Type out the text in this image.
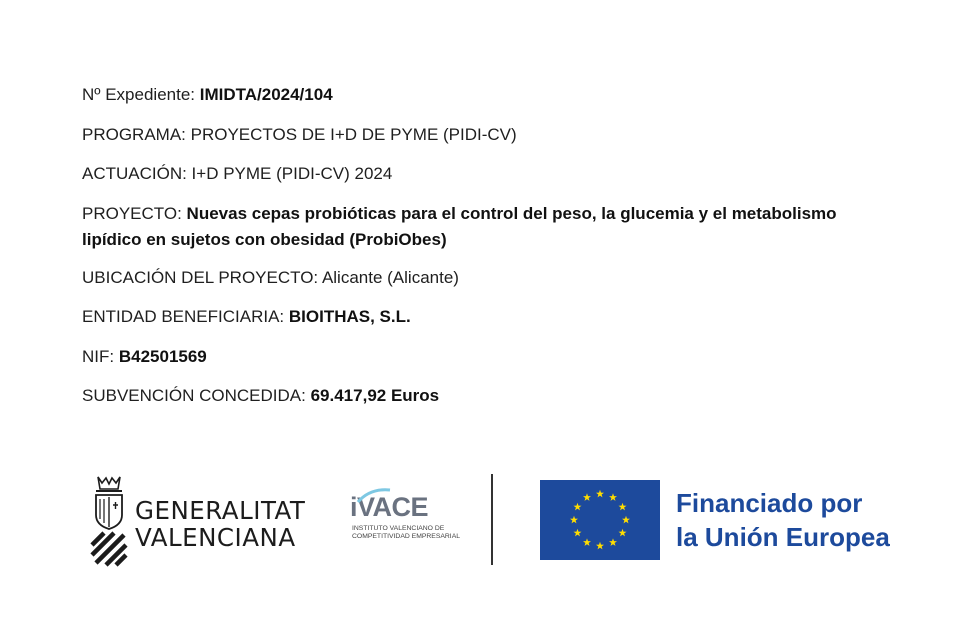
Nº Expediente: IMIDTA/2024/104
PROGRAMA: PROYECTOS DE I+D DE PYME (PIDI-CV)
ACTUACIÓN: I+D PYME (PIDI-CV) 2024
PROYECTO: Nuevas cepas probióticas para el control del peso, la glucemia y el metabolismo lipídico en sujetos con obesidad (ProbiObes)
UBICACIÓN DEL PROYECTO: Alicante (Alicante)
ENTIDAD BENEFICIARIA: BIOITHAS, S.L.
NIF: B42501569
SUBVENCIÓN CONCEDIDA: 69.417,92 Euros
GENERALITAT
VALENCIANA
iVACE
INSTITUTO VALENCIANO DE
COMPETITIVIDAD EMPRESARIAL
Financiado por
la Unión Europea
